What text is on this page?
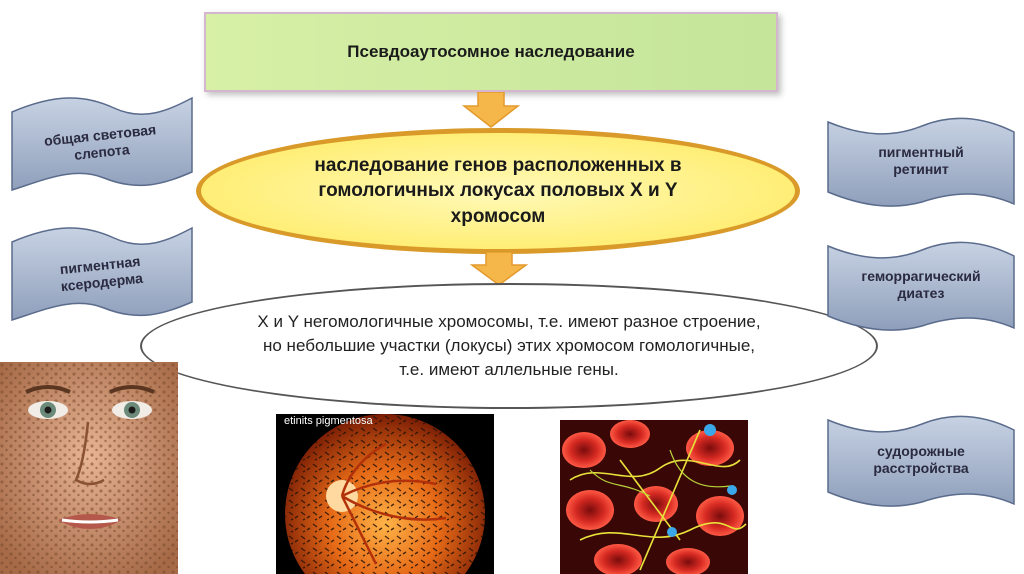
Псевдоаутосомное наследование
наследование генов расположенных в гомологичных локусах половых X и Y хромосом
X и Y негомологичные хромосомы, т.е. имеют разное строение, но небольшие участки (локусы) этих хромосом гомологичные, т.е. имеют аллельные гены.
общая световая слепота
пигментная ксеродерма
пигментный ретинит
геморрагический диатез
судорожные расстройства
etinits pigmentosa
